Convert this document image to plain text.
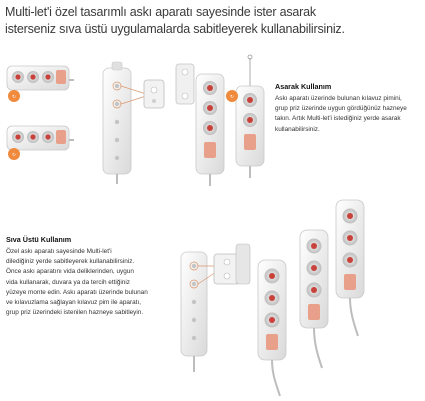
Multi-let'i özel tasarımlı askı aparatı sayesinde ister asarak
isterseniz sıva üstü uygulamalarda sabitleyerek kullanabilirsiniz.
↻
↻
↻
Asarak Kullanım
Askı aparatı üzerinde bulunan kılavuz pimini,
grup priz üzerinde uygun gördüğünüz hazneye
takın. Artık Multi-let'i istediğiniz yerde asarak
kullanabilirsiniz.
Sıva Üstü Kullanım
Özel askı aparatı sayesinde Multi-let'i
dilediğiniz yerde sabitleyerek kullanabilirsiniz.
Önce askı aparatını vida deliklerinden, uygun
vida kullanarak, duvara ya da tercih ettiğiniz
yüzeye monte edin. Askı aparatı üzerinde bulunan
ve kılavuzlama sağlayan kılavuz pim ile aparatı,
grup priz üzerindeki istenilen hazneye sabitleyin.
